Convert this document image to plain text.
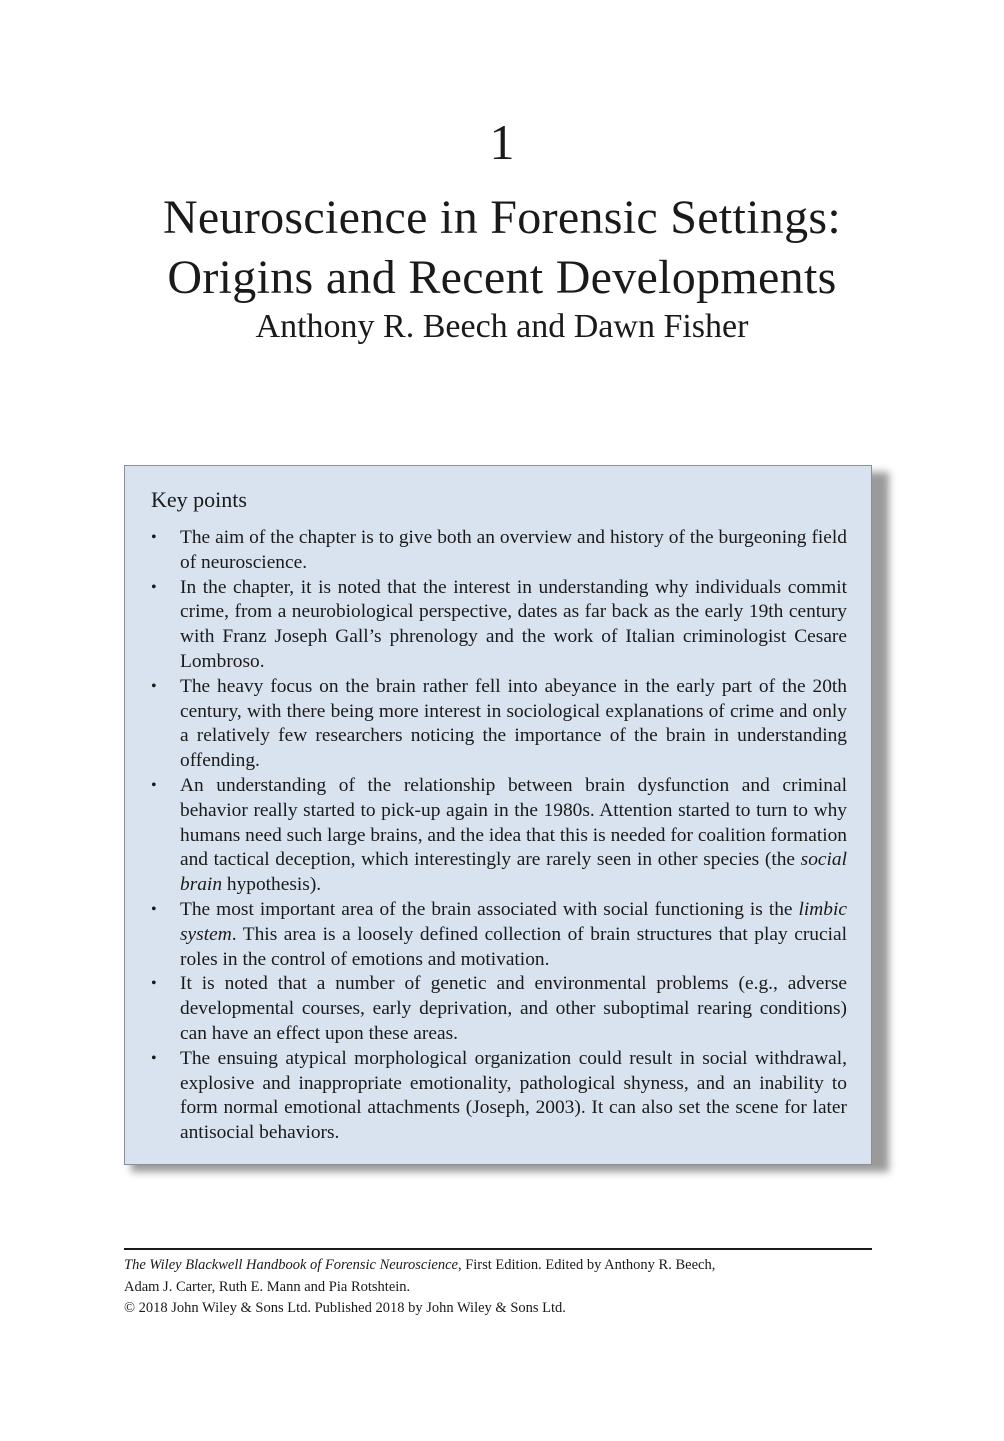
1
Neuroscience in Forensic Settings:
Origins and Recent Developments
Anthony R. Beech and Dawn Fisher
Key points
• The aim of the chapter is to give both an overview and history of the burgeoning field of neuroscience.
• In the chapter, it is noted that the interest in understanding why individuals commit crime, from a neurobiological perspective, dates as far back as the early 19th century with Franz Joseph Gall’s phrenology and the work of Italian criminologist Cesare Lombroso.
• The heavy focus on the brain rather fell into abeyance in the early part of the 20th century, with there being more interest in sociological explanations of crime and only a relatively few researchers noticing the importance of the brain in understanding offending.
• An understanding of the relationship between brain dysfunction and criminal behavior really started to pick-up again in the 1980s. Attention started to turn to why humans need such large brains, and the idea that this is needed for coalition formation and tactical deception, which interestingly are rarely seen in other species (the social brain hypothesis).
• The most important area of the brain associated with social functioning is the limbic system. This area is a loosely defined collection of brain structures that play crucial roles in the control of emotions and motivation.
• It is noted that a number of genetic and environmental problems (e.g., adverse developmental courses, early deprivation, and other suboptimal rearing conditions) can have an effect upon these areas.
• The ensuing atypical morphological organization could result in social withdrawal, explosive and inappropriate emotionality, pathological shyness, and an inability to form normal emotional attachments (Joseph, 2003). It can also set the scene for later antisocial behaviors.
The Wiley Blackwell Handbook of Forensic Neuroscience, First Edition. Edited by Anthony R. Beech,
Adam J. Carter, Ruth E. Mann and Pia Rotshtein.
© 2018 John Wiley & Sons Ltd. Published 2018 by John Wiley & Sons Ltd.
